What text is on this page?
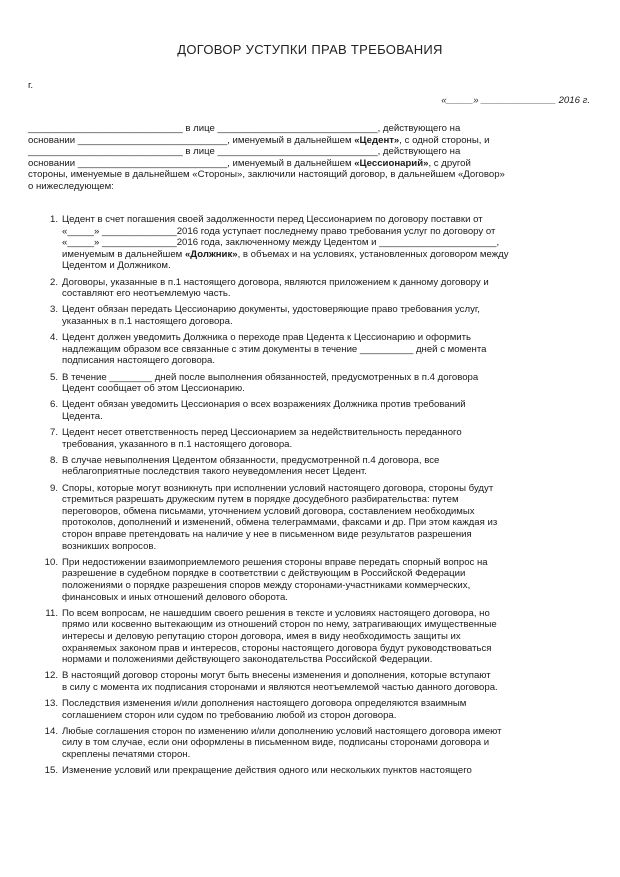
ДОГОВОР УСТУПКИ ПРАВ ТРЕБОВАНИЯ
г.
«_____» ______________ 2016 г.

_____________________________ в лице ______________________________, действующего на

основании ____________________________, именуемый в дальнейшем «Цедент», с одной стороны, и

_____________________________ в лице ______________________________, действующего на

основании ____________________________, именуемый в дальнейшем «Цессионарий», с другой

стороны, именуемые в дальнейшем «Стороны», заключили настоящий договор, в дальнейшем «Договор»

о нижеследующем:

1. Цедент в счет погашения своей задолженности перед Цессионарием по договору поставки от
«_____» ______________2016 года уступает последнему право требования услуг по договору от
«_____» ______________2016 года, заключенному между Цедентом и ______________________,
именуемым в дальнейшем «Должник», в объемах и на условиях, установленных договором между
Цедентом и Должником.
2. Договоры, указанные в п.1 настоящего договора, являются приложением к данному договору и
составляют его неотъемлемую часть.
3. Цедент обязан передать Цессионарию документы, удостоверяющие право требования услуг,
указанных в п.1 настоящего договора.
4. Цедент должен уведомить Должника о переходе прав Цедента к Цессионарию и оформить
надлежащим образом все связанные с этим документы в течение __________ дней с момента
подписания настоящего договора.
5. В течение ________ дней после выполнения обязанностей, предусмотренных в п.4 договора
Цедент сообщает об этом Цессионарию.
6. Цедент обязан уведомить Цессионария о всех возражениях Должника против требований
Цедента.
7. Цедент несет ответственность перед Цессионарием за недействительность переданного
требования, указанного в п.1 настоящего договора.
8. В случае невыполнения Цедентом обязанности, предусмотренной п.4 договора, все
неблагоприятные последствия такого неуведомления несет Цедент.
9. Споры, которые могут возникнуть при исполнении условий настоящего договора, стороны будут
стремиться разрешать дружеским путем в порядке досудебного разбирательства: путем
переговоров, обмена письмами, уточнением условий договора, составлением необходимых
протоколов, дополнений и изменений, обмена телеграммами, факсами и др. При этом каждая из
сторон вправе претендовать на наличие у нее в письменном виде результатов разрешения
возникших вопросов.
10. При недостижении взаимоприемлемого решения стороны вправе передать спорный вопрос на
разрешение в судебном порядке в соответствии с действующим в Российской Федерации
положениями о порядке разрешения споров между сторонами-участниками коммерческих,
финансовых и иных отношений делового оборота.
11. По всем вопросам, не нашедшим своего решения в тексте и условиях настоящего договора, но
прямо или косвенно вытекающим из отношений сторон по нему, затрагивающих имущественные
интересы и деловую репутацию сторон договора, имея в виду необходимость защиты их
охраняемых законом прав и интересов, стороны настоящего договора будут руководствоваться
нормами и положениями действующего законодательства Российской Федерации.
12. В настоящий договор стороны могут быть внесены изменения и дополнения, которые вступают
в силу с момента их подписания сторонами и являются неотъемлемой частью данного договора.
13. Последствия изменения и/или дополнения настоящего договора определяются взаимным
соглашением сторон или судом по требованию любой из сторон договора.
14. Любые соглашения сторон по изменению и/или дополнению условий настоящего договора имеют
силу в том случае, если они оформлены в письменном виде, подписаны сторонами договора и
скреплены печатями сторон.
15. Изменение условий или прекращение действия одного или нескольких пунктов настоящего
